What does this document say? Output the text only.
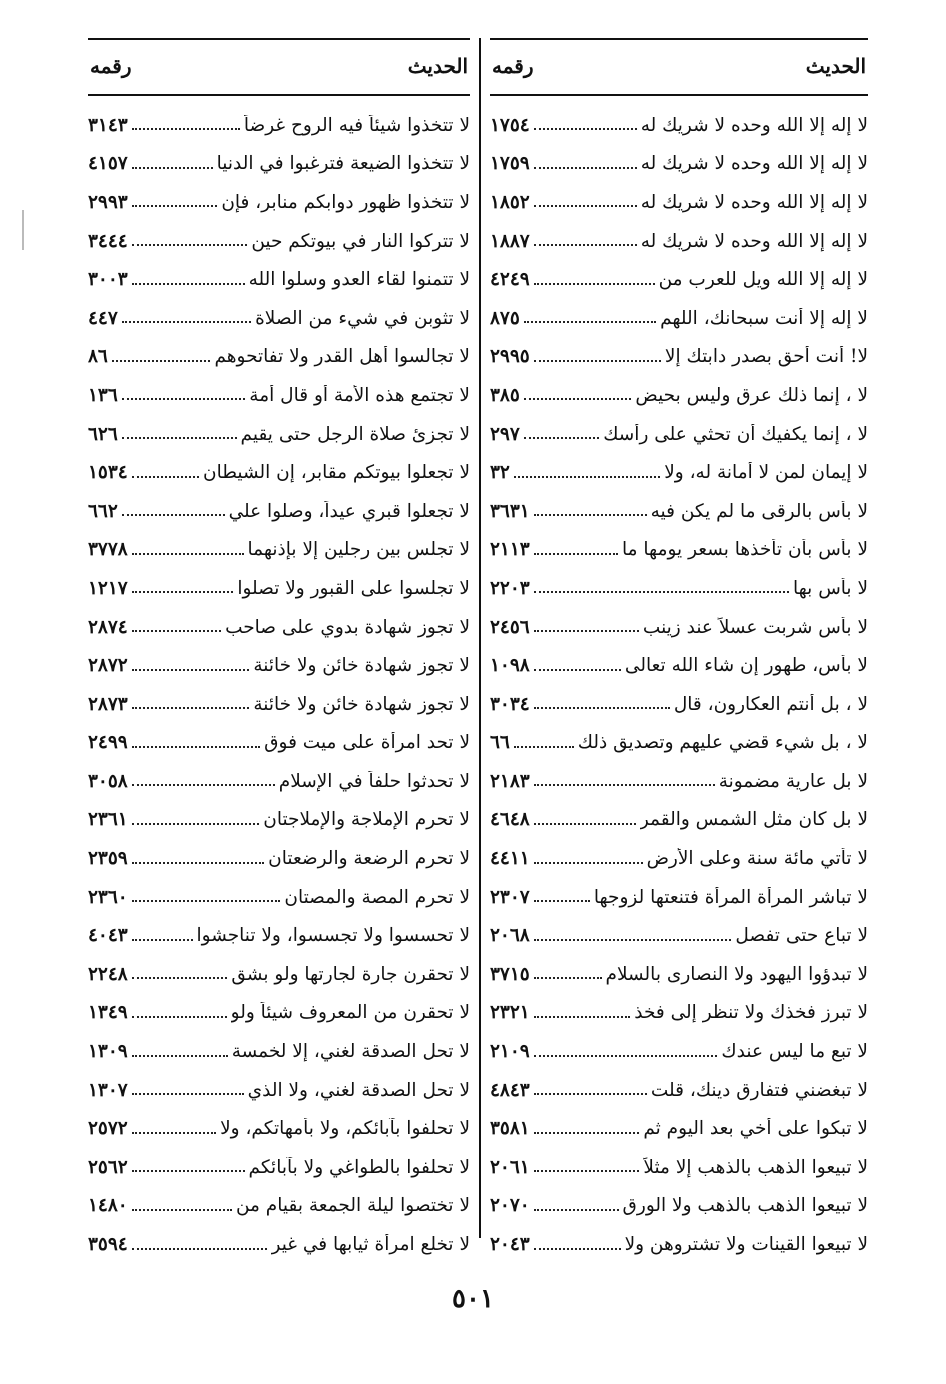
الحديث
رقمه
لا إله إلا الله وحده لا شريك له
١٧٥٤
لا إله إلا الله وحده لا شريك له
١٧٥٩
لا إله إلا الله وحده لا شريك له
١٨٥٢
لا إله إلا الله وحده لا شريك له
١٨٨٧
لا إله إلا الله ويل للعرب من
٤٢٤٩
لا إله إلا أنت سبحانك، اللهم
٨٧٥
لا! أنت أحق بصدر دابتك إلا
٢٩٩٥
لا ، إنما ذلك عرق وليس بحيض
٣٨٥
لا ، إنما يكفيك أن تحثي على رأسك
٢٩٧
لا إيمان لمن لا أمانة له، ولا
٣٢
لا بأس بالرقى ما لم يكن فيه
٣٦٣١
لا بأس بأن تأخذها بسعر يومها ما
٢١١٣
لا بأس بها
٢٢٠٣
لا بأس شربت عسلاً عند زينب
٢٤٥٦
لا بأس، طهور إن شاء الله تعالى
١٠٩٨
لا ، بل أنتم العكارون، قال
٣٠٣٤
لا ، بل شيء قضي عليهم وتصديق ذلك
٦٦
لا بل عارية مضمونة
٢١٨٣
لا بل كان مثل الشمس والقمر
٤٦٤٨
لا تأتي مائة سنة وعلى الأرض
٤٤١١
لا تباشر المرأة المرأة فتنعتها لزوجها
٢٣٠٧
لا تباع حتى تفصل
٢٠٦٨
لا تبدؤوا اليهود ولا النصارى بالسلام
٣٧١٥
لا تبرز فخذك ولا تنظر إلى فخذ
٢٣٢١
لا تبع ما ليس عندك
٢١٠٩
لا تبغضني فتفارق دينك، قلت
٤٨٤٣
لا تبكوا على أخي بعد اليوم ثم
٣٥٨١
لا تبيعوا الذهب بالذهب إلا مثلاً
٢٠٦١
لا تبيعوا الذهب بالذهب ولا الورق
٢٠٧٠
لا تبيعوا القينات ولا تشتروهن ولا
٢٠٤٣
الحديث
رقمه
لا تتخذوا شيئاً فيه الروح غرضاً
٣١٤٣
لا تتخذوا الضيعة فترغبوا في الدنيا
٤١٥٧
لا تتخذوا ظهور دوابكم منابر، فإن
٢٩٩٣
لا تتركوا النار في بيوتكم حين
٣٤٤٤
لا تتمنوا لقاء العدو وسلوا الله
٣٠٠٣
لا تثوبن في شيء من الصلاة
٤٤٧
لا تجالسوا أهل القدر ولا تفاتحوهم
٨٦
لا تجتمع هذه الأمة أو قال أمة
١٣٦
لا تجزئ صلاة الرجل حتى يقيم
٦٢٦
لا تجعلوا بيوتكم مقابر، إن الشيطان
١٥٣٤
لا تجعلوا قبري عيداً، وصلوا علي
٦٦٢
لا تجلس بين رجلين إلا بإذنهما
٣٧٧٨
لا تجلسوا على القبور ولا تصلوا
١٢١٧
لا تجوز شهادة بدوي على صاحب
٢٨٧٤
لا تجوز شهادة خائن ولا خائنة
٢٨٧٢
لا تجوز شهادة خائن ولا خائنة
٢٨٧٣
لا تحد امرأة على ميت فوق
٢٤٩٩
لا تحدثوا حلفاً في الإسلام
٣٠٥٨
لا تحرم الإملاجة والإملاجتان
٢٣٦١
لا تحرم الرضعة والرضعتان
٢٣٥٩
لا تحرم المصة والمصتان
٢٣٦٠
لا تحسسوا ولا تجسسوا، ولا تناجشوا
٤٠٤٣
لا تحقرن جارة لجارتها ولو بشق
٢٢٤٨
لا تحقرن من المعروف شيئاً ولو
١٣٤٩
لا تحل الصدقة لغني، إلا لخمسة
١٣٠٩
لا تحل الصدقة لغني، ولا الذي
١٣٠٧
لا تحلفوا بآبائكم، ولا بأمهاتكم، ولا
٢٥٧٢
لا تحلفوا بالطواغي ولا بآبائكم
٢٥٦٢
لا تختصوا ليلة الجمعة بقيام من
١٤٨٠
لا تخلع امرأة ثيابها في غير
٣٥٩٤
٥٠١
